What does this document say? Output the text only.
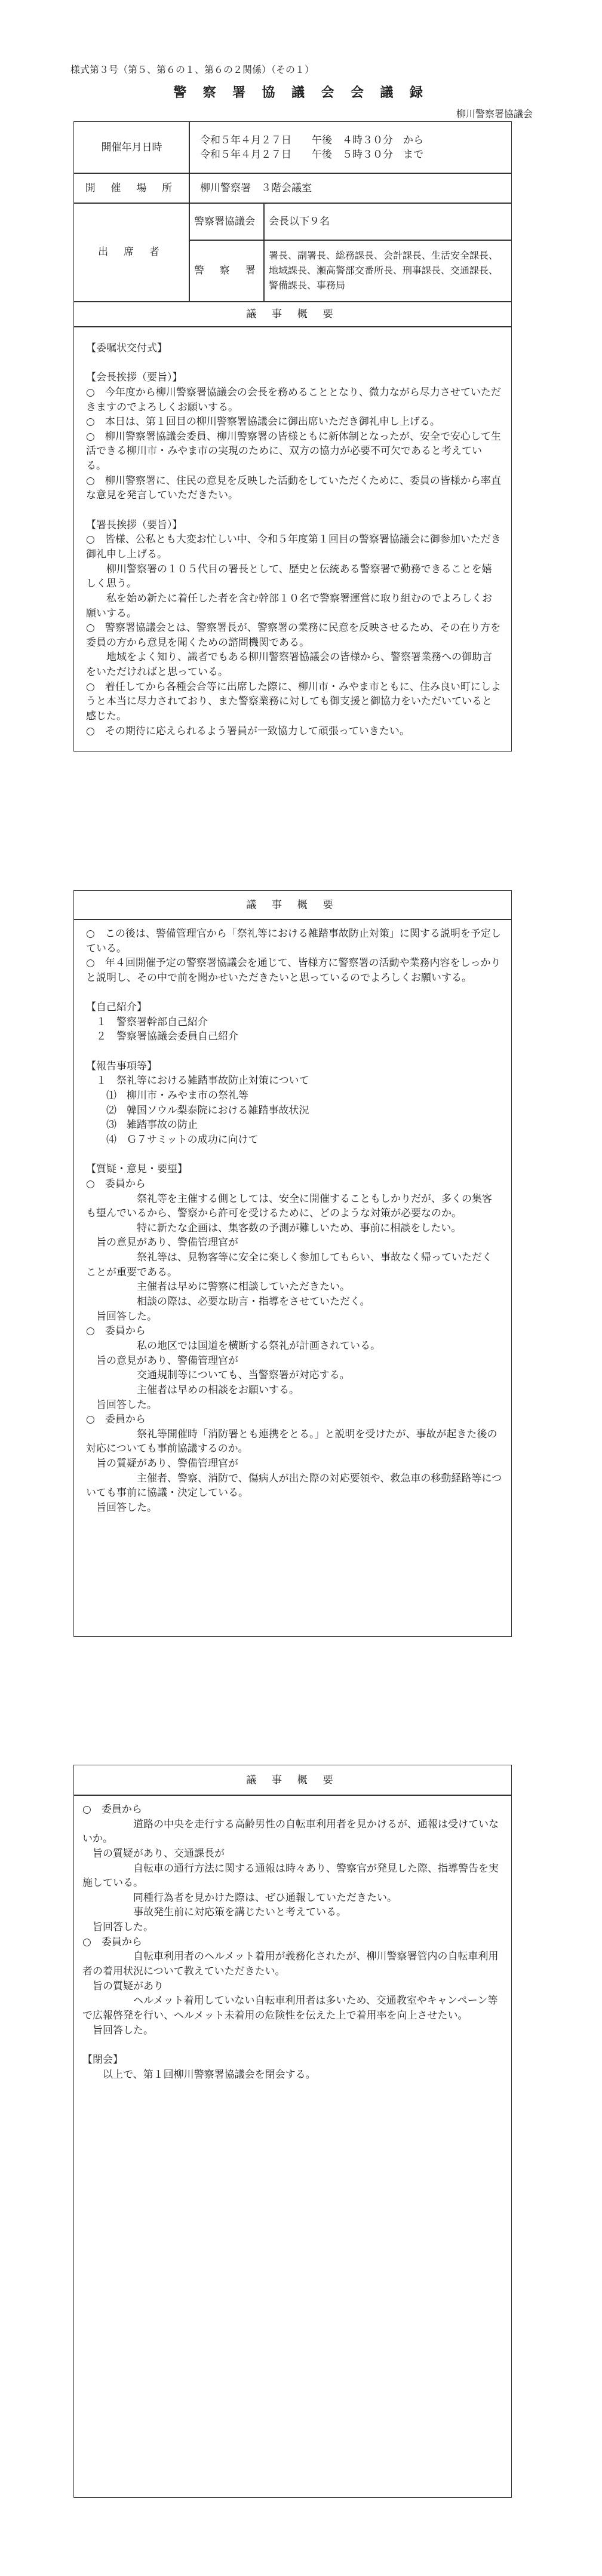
様式第３号（第５、第６の１、第６の２関係）（その１）
警 察 署 協 議 会 会 議 録
柳川警察署協議会
開催年月日時
令和５年４月２７日　　午後　４時３０分　から
令和５年４月２７日　　午後　５時３０分　まで
開 催 場 所 柳川警察署　３階会議室
出 席 者
警察署協議会 会長以下９名
警 察 署
署長、副署長、総務課長、会計課長、生活安全課長、地域課長、瀬高警部交番所長、刑事課長、交通課長、警備課長、事務局
議 事 概 要
【委嘱状交付式】

【会長挨拶（要旨）】
○　今年度から柳川警察署協議会の会長を務めることとなり、微力ながら尽力させていただきますのでよろしくお願いする。
○　本日は、第１回目の柳川警察署協議会に御出席いただき御礼申し上げる。
○　柳川警察署協議会委員、柳川警察署の皆様ともに新体制となったが、安全で安心して生活できる柳川市・みやま市の実現のために、双方の協力が必要不可欠であると考えている。
○　柳川警察署に、住民の意見を反映した活動をしていただくために、委員の皆様から率直な意見を発言していただきたい。

【署長挨拶（要旨）】
○　皆様、公私とも大変お忙しい中、令和５年度第１回目の警察署協議会に御参加いただき御礼申し上げる。
　　柳川警察署の１０５代目の署長として、歴史と伝統ある警察署で勤務できることを嬉しく思う。
　　私を始め新たに着任した者を含む幹部１０名で警察署運営に取り組むのでよろしくお願いする。
○　警察署協議会とは、警察署長が、警察署の業務に民意を反映させるため、その在り方を委員の方から意見を聞くための諮問機関である。
　　地域をよく知り、識者でもある柳川警察署協議会の皆様から、警察署業務への御助言をいただければと思っている。
○　着任してから各種会合等に出席した際に、柳川市・みやま市ともに、住み良い町にしようと本当に尽力されており、また警察業務に対しても御支援と御協力をいただいていると感じた。
○　その期待に応えられるよう署員が一致協力して頑張っていきたい。
議 事 概 要
○　この後は、警備管理官から「祭礼等における雑踏事故防止対策」に関する説明を予定している。
○　年４回開催予定の警察署協議会を通じて、皆様方に警察署の活動や業務内容をしっかりと説明し、その中で前を聞かせいただきたいと思っているのでよろしくお願いする。

【自己紹介】
　１　警察署幹部自己紹介
　２　警察署協議会委員自己紹介

【報告事項等】
　１　祭礼等における雑踏事故防止対策について
　　⑴　柳川市・みやま市の祭礼等
　　⑵　韓国ソウル梨泰院における雑踏事故状況
　　⑶　雑踏事故の防止
　　⑷　Ｇ７サミットの成功に向けて

【質疑・意見・要望】
○　委員から
　　　　　祭礼等を主催する側としては、安全に開催することもしかりだが、多くの集客も望んでいるから、警察から許可を受けるために、どのような対策が必要なのか。
　　　　　特に新たな企画は、集客数の予測が難しいため、事前に相談をしたい。
　旨の意見があり、警備管理官が
　　　　　祭礼等は、見物客等に安全に楽しく参加してもらい、事故なく帰っていただくことが重要である。
　　　　　主催者は早めに警察に相談していただきたい。
　　　　　相談の際は、必要な助言・指導をさせていただく。
　旨回答した。
○　委員から
　　　　　私の地区では国道を横断する祭礼が計画されている。
　旨の意見があり、警備管理官が
　　　　　交通規制等についても、当警察署が対応する。
　　　　　主催者は早めの相談をお願いする。
　旨回答した。
○　委員から
　　　　　祭礼等開催時「消防署とも連携をとる。」と説明を受けたが、事故が起きた後の対応についても事前協議するのか。
　旨の質疑があり、警備管理官が
　　　　　主催者、警察、消防で、傷病人が出た際の対応要領や、救急車の移動経路等についても事前に協議・決定している。
　旨回答した。
議 事 概 要
○　委員から
　　　　　道路の中央を走行する高齢男性の自転車利用者を見かけるが、通報は受けていないか。
　旨の質疑があり、交通課長が
　　　　　自転車の通行方法に関する通報は時々あり、警察官が発見した際、指導警告を実施している。
　　　　　同種行為者を見かけた際は、ぜひ通報していただきたい。
　　　　　事故発生前に対応策を講じたいと考えている。
　旨回答した。
○　委員から
　　　　　自転車利用者のヘルメット着用が義務化されたが、柳川警察署管内の自転車利用者の着用状況について教えていただきたい。
　旨の質疑があり
　　　　　ヘルメット着用していない自転車利用者は多いため、交通教室やキャンペーン等で広報啓発を行い、ヘルメット未着用の危険性を伝えた上で着用率を向上させたい。
　旨回答した。

【閉会】
　　以上で、第１回柳川警察署協議会を閉会する。
